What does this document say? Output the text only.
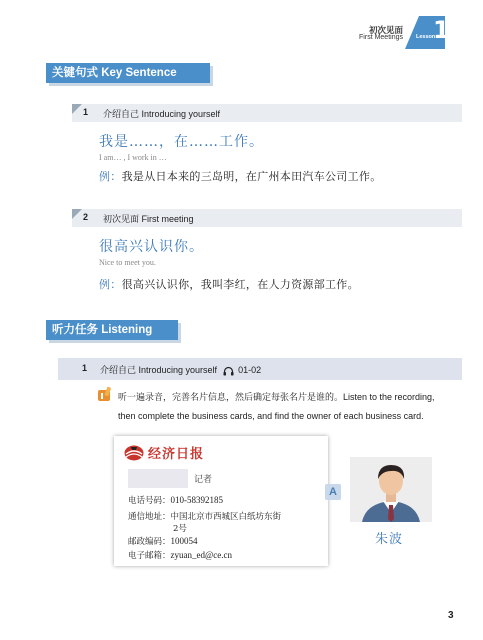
初次见面
First Meetings Lesson
1
关键句式 Key Sentence Patterns
1 介绍自己 Introducing yourself
我是……，在……工作。
I am… , I work in …
例：我是从日本来的三岛明，在广州本田汽车公司工作。
2 初次见面 First meeting
很高兴认识你。
Nice to meet you.
例：很高兴认识你，我叫李红，在人力资源部工作。
听力任务 Listening Tasks
1 介绍自己 Introducing yourself 01-02
听一遍录音，完善名片信息，然后确定每张名片是谁的。Listen to the recording,
then complete the business cards, and find the owner of each business card.
经济日报
记者
电话号码：010-58392185
通信地址：中国北京市西城区白纸坊东街
2号
邮政编码：100054
电子邮箱：zyuan_ed@ce.cn
A
朱波
3
